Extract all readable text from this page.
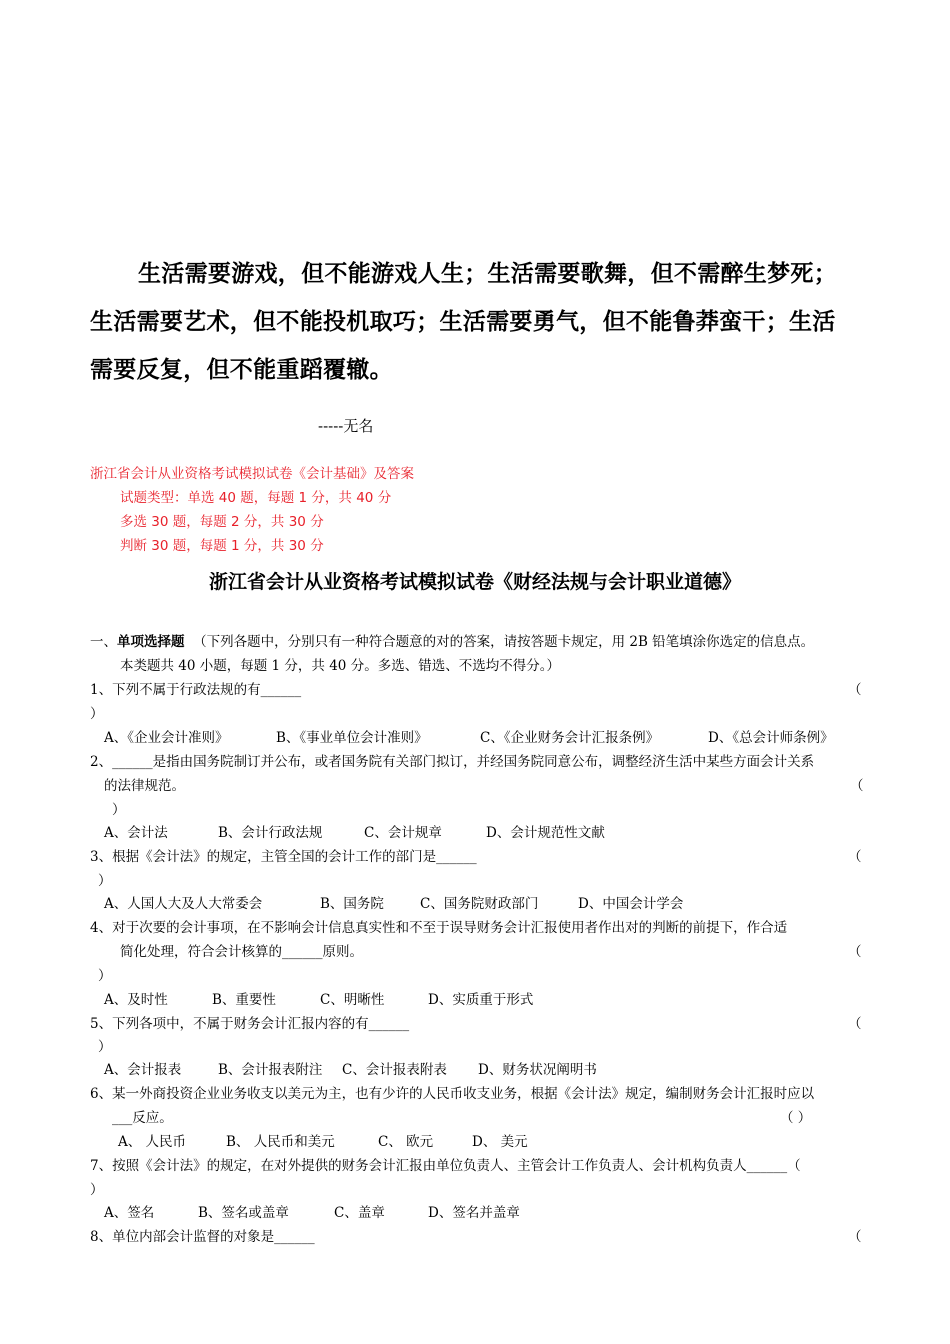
生活需要游戏，但不能游戏人生；生活需要歌舞，但不需醉生梦死；
生活需要艺术，但不能投机取巧；生活需要勇气，但不能鲁莽蛮干；生活
需要反复，但不能重蹈覆辙。
-----无名
浙江省会计从业资格考试模拟试卷《会计基础》及答案
试题类型：单选 40 题，每题 1 分，共 40 分
多选 30 题，每题 2 分，共 30 分
判断 30 题，每题 1 分，共 30 分
浙江省会计从业资格考试模拟试卷《财经法规与会计职业道德》
一、单项选择题 （下列各题中，分别只有一种符合题意的对的答案，请按答题卡规定，用 2B 铅笔填涂你选定的信息点。
本类题共 40 小题，每题 1 分，共 40 分。多选、错选、不选均不得分。）
1、下列不属于行政法规的有______	（
）
A、《企业会计准则》	B、《事业单位会计准则》	C、《企业财务会计汇报条例》	D、《总会计师条例》
2、______是指由国务院制订并公布，或者国务院有关部门拟订，并经国务院同意公布，调整经济生活中某些方面会计关系
的法律规范。	（
）
A、会计法	B、会计行政法规	C、会计规章	D、会计规范性文献
3、根据《会计法》的规定，主管全国的会计工作的部门是______	（
）
A、人国人大及人大常委会	B、国务院	C、国务院财政部门	D、中国会计学会
4、对于次要的会计事项，在不影响会计信息真实性和不至于误导财务会计汇报使用者作出对的判断的前提下，作合适
简化处理，符合会计核算的______原则。	（
）
A、及时性	B、重要性	C、明晰性	D、实质重于形式
5、下列各项中，不属于财务会计汇报内容的有______	（
）
A、会计报表	B、会计报表附注 C、会计报表附表 D、财务状况阐明书
6、某一外商投资企业业务收支以美元为主，也有少许的人民币收支业务，根据《会计法》规定，编制财务会计汇报时应以
___反应。	（ ）
A、 人民币	B、 人民币和美元	C、 欧元	D、 美元
7、按照《会计法》的规定，在对外提供的财务会计汇报由单位负责人、主管会计工作负责人、会计机构负责人______（
）
A、签名	B、签名或盖章	C、盖章	D、签名并盖章
8、单位内部会计监督的对象是______	（
